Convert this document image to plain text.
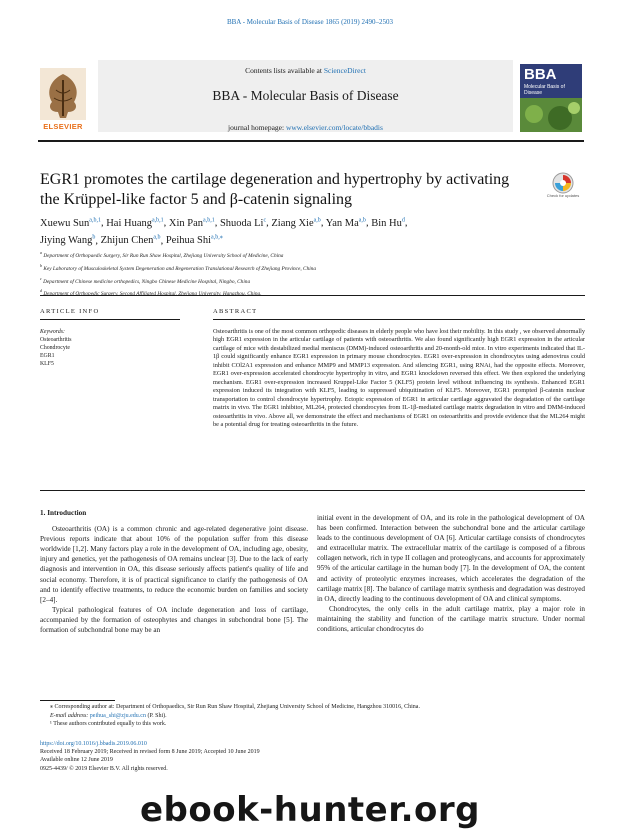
BBA - Molecular Basis of Disease 1865 (2019) 2490–2503
ELSEVIER
Contents lists available at ScienceDirect
BBA - Molecular Basis of Disease
journal homepage: www.elsevier.com/locate/bbadis
BBA
Molecular Basis of Disease
EGR1 promotes the cartilage degeneration and hypertrophy by activating the Krüppel-like factor 5 and β-catenin signaling	Check for updates
Xuewu Sun$^{a,b,1}$, Hai Huang$^{a,b,1}$, Xin Pan$^{a,b,1}$, Shuoda Li$^c$, Ziang Xie$^{a,b}$, Yan Ma$^{a,b}$, Bin Hu$^d$,
Jiying Wang$^b$, Zhijun Chen$^{a,b}$, Peihua Shi$^{a,b,⁎}$
$^a$ Department of Orthopaedic Surgery, Sir Run Run Shaw Hospital, Zhejiang University School of Medicine, China
$^b$ Key Laboratory of Musculoskeletal System Degeneration and Regeneration Translational Research of Zhejiang Province, China
$^c$ Department of Chinese medicine orthopedics, Ningbo Chinese Medicine Hospital, Ningbo, China
$^d$
ARTICLE INFO	ABSTRACT
Keywords:
Osteoarthritis
Chondrocyte
EGR1
KLF5
Osteoarthritis is one of the most common orthopedic diseases in elderly people who have lost their mobility. In this study , we observed abnormally high EGR1 expression in the articular cartilage of patients with osteoarthritis. We also found significantly high EGR1 expression in the articular cartilage of mice with destabilized medial meniscus (DMM)-induced osteoarthritis and 20-month-old mice. In vitro experiments indicated that IL-1β could significantly enhance EGR1 expression in primary mouse chondrocytes. EGR1 over-expression in chondrocytes using adenovirus could inhibit COl2A1 expression and enhance MMP9 and MMP13 expression. And silencing EGR1, using RNAi, had the opposite effects. Moreover, EGR1 over-expression accelerated chondrocyte hypertrophy in vitro, and EGR1 knockdown reversed this effect. We then explored the underlying mechanism. EGR1 over-expression increased Kruppel-Like Factor 5 (KLF5) protein level without influencing its synthesis. Enhanced EGR1 expression induced its integration with KLF5, leading to suppressed ubiquitination of KLF5. Moreover, EGR1 prompted β-catenin nuclear transportation to control chondrocyte hypertrophy. Ectopic expression of EGR1 in articular cartilage aggravated the degradation of the cartilage matrix in vivo. The EGR1 inhibitor, ML264, protected chondrocytes from IL-1β-mediated cartilage matrix degradation in vitro and DMM-induced osteoarthritis in vivo. Above all, we demonstrate the effect and mechanisms of EGR1 on osteoarthritis and provide evidence that the ML264 might be a potential drug for treating osteoarthritis in the future.
1. Introduction

Osteoarthritis (OA) is a common chronic and age-related degenerative joint disease. Previous reports indicate that about 10% of the population suffer from this disease worldwide [1,2]. Many factors play a role in the development of OA, including age, obesity, injury and genetics, yet the pathogenesis of OA remains unclear [3]. Due to the lack of early diagnosis and intervention in OA, this disease seriously affects patient's quality of life and social economy. Therefore, it is of practical significance to clarify the pathogenesis of OA and to identify effective treatments, to reduce the economic burden on families and society [2–4].

Typical pathological features of OA include degeneration and loss of cartilage, accompanied by the formation of osteophytes and changes in subchondral bone [5]. The formation of subchondral bone may be an

initial event in the development of OA, and its role in the pathological development of OA has been confirmed. Interaction between the subchondral bone and the articular cartilage leads to the continuous development of OA [6]. Articular cartilage consists of chondrocytes and extracellular matrix. The extracellular matrix of the cartilage is composed of a fibrous collagen network, rich in type II collagen and proteoglycans, and accounts for approximately 95% of the articular cartilage in the human body [7]. In the development of OA, the content and activity of proteolytic enzymes increases, which accelerates the degradation of the cartilage matrix [8]. The balance of cartilage matrix synthesis and degradation was destroyed in OA, directly leading to the continuous development of OA and clinical symptoms.

Chondrocytes, the only cells in the adult cartilage matrix, play a major role in maintaining the stability and function of the cartilage matrix structure. Under normal conditions, articular chondrocytes do

⁎ Corresponding author at: Department of Orthopaedics, Sir Run Run Shaw Hospital, Zhejiang University School of Medicine, Hangzhou 310016, China.
E-mail address: peihua_shi@zju.edu.cn (P. Shi).
¹ These authors contributed equally to this work.
https://doi.org/10.1016/j.bbadis.2019.06.010
Received 18 February 2019; Received in revised form 8 June 2019; Accepted 10 June 2019
Available online 12 June 2019
0925-4439/ © 2019 Elsevier B.V. All rights reserved.
ebook-hunter.org
